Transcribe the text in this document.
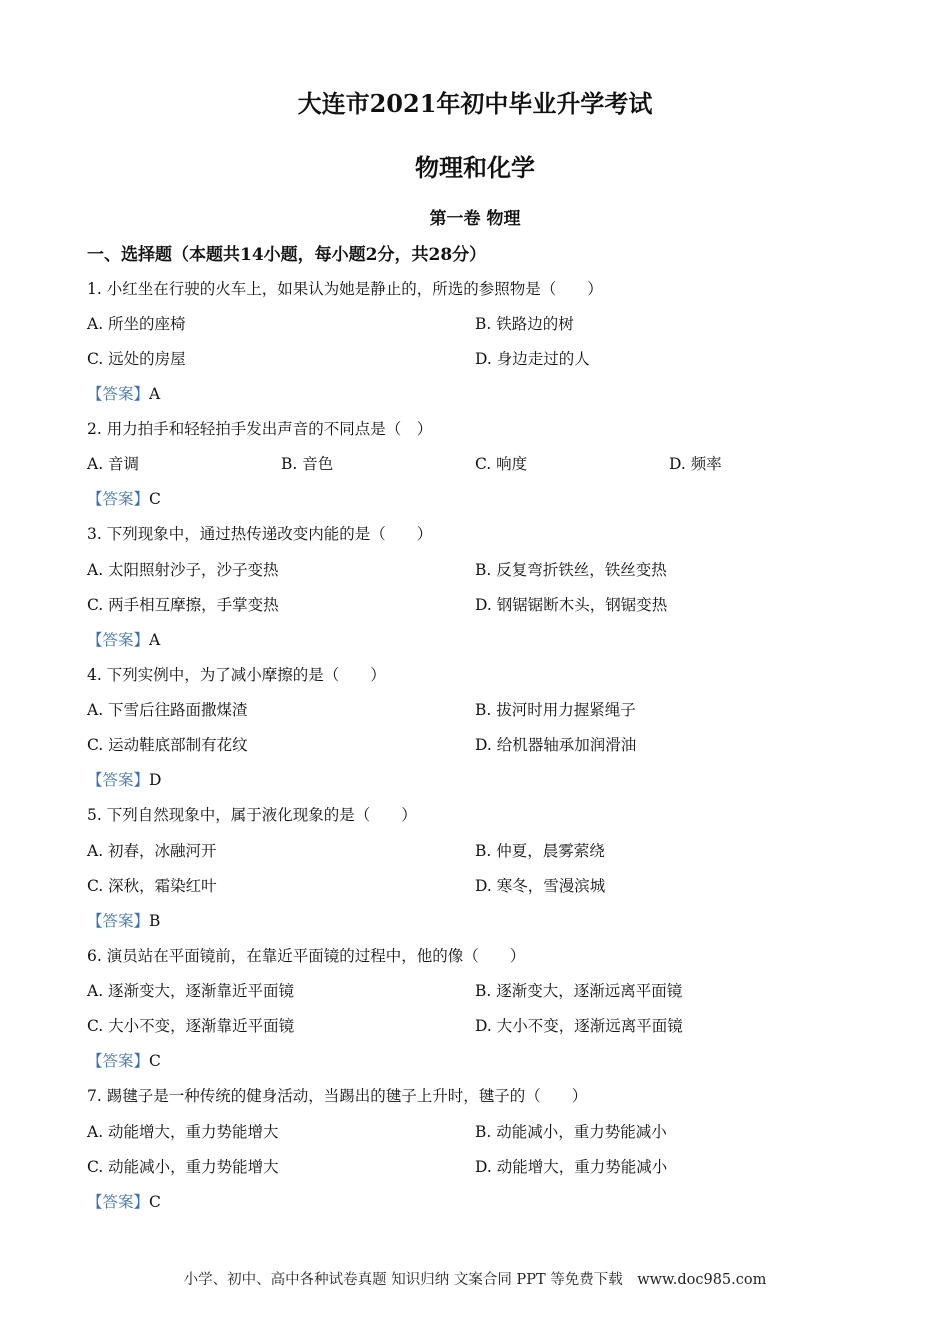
大连市2021年初中毕业升学考试
物理和化学
第一卷 物理
一、选择题（本题共14小题，每小题2分，共28分）
1. 小红坐在行驶的火车上，如果认为她是静止的，所选的参照物是（　　）
A. 所坐的座椅	B. 铁路边的树
C. 远处的房屋	D. 身边走过的人
【答案】A
2. 用力拍手和轻轻拍手发出声音的不同点是（　）
A. 音调	B. 音色	C. 响度	D. 频率
【答案】C
3. 下列现象中，通过热传递改变内能的是（　　）
A. 太阳照射沙子，沙子变热	B. 反复弯折铁丝，铁丝变热
C. 两手相互摩擦，手掌变热	D. 钢锯锯断木头，钢锯变热
【答案】A
4. 下列实例中，为了减小摩擦的是（　　）
A. 下雪后往路面撒煤渣	B. 拔河时用力握紧绳子
C. 运动鞋底部制有花纹	D. 给机器轴承加润滑油
【答案】D
5. 下列自然现象中，属于液化现象的是（　　）
A. 初春，冰融河开	B. 仲夏，晨雾萦绕
C. 深秋，霜染红叶	D. 寒冬，雪漫滨城
【答案】B
6. 演员站在平面镜前，在靠近平面镜的过程中，他的像（　　）
A. 逐渐变大，逐渐靠近平面镜	B. 逐渐变大，逐渐远离平面镜
C. 大小不变，逐渐靠近平面镜	D. 大小不变，逐渐远离平面镜
【答案】C
7. 踢毽子是一种传统的健身活动，当踢出的毽子上升时，毽子的（　　）
A. 动能增大，重力势能增大	B. 动能减小，重力势能减小
C. 动能减小，重力势能增大	D. 动能增大，重力势能减小
【答案】C
小学、初中、高中各种试卷真题 知识归纳 文案合同 PPT 等免费下载　www.doc985.com
